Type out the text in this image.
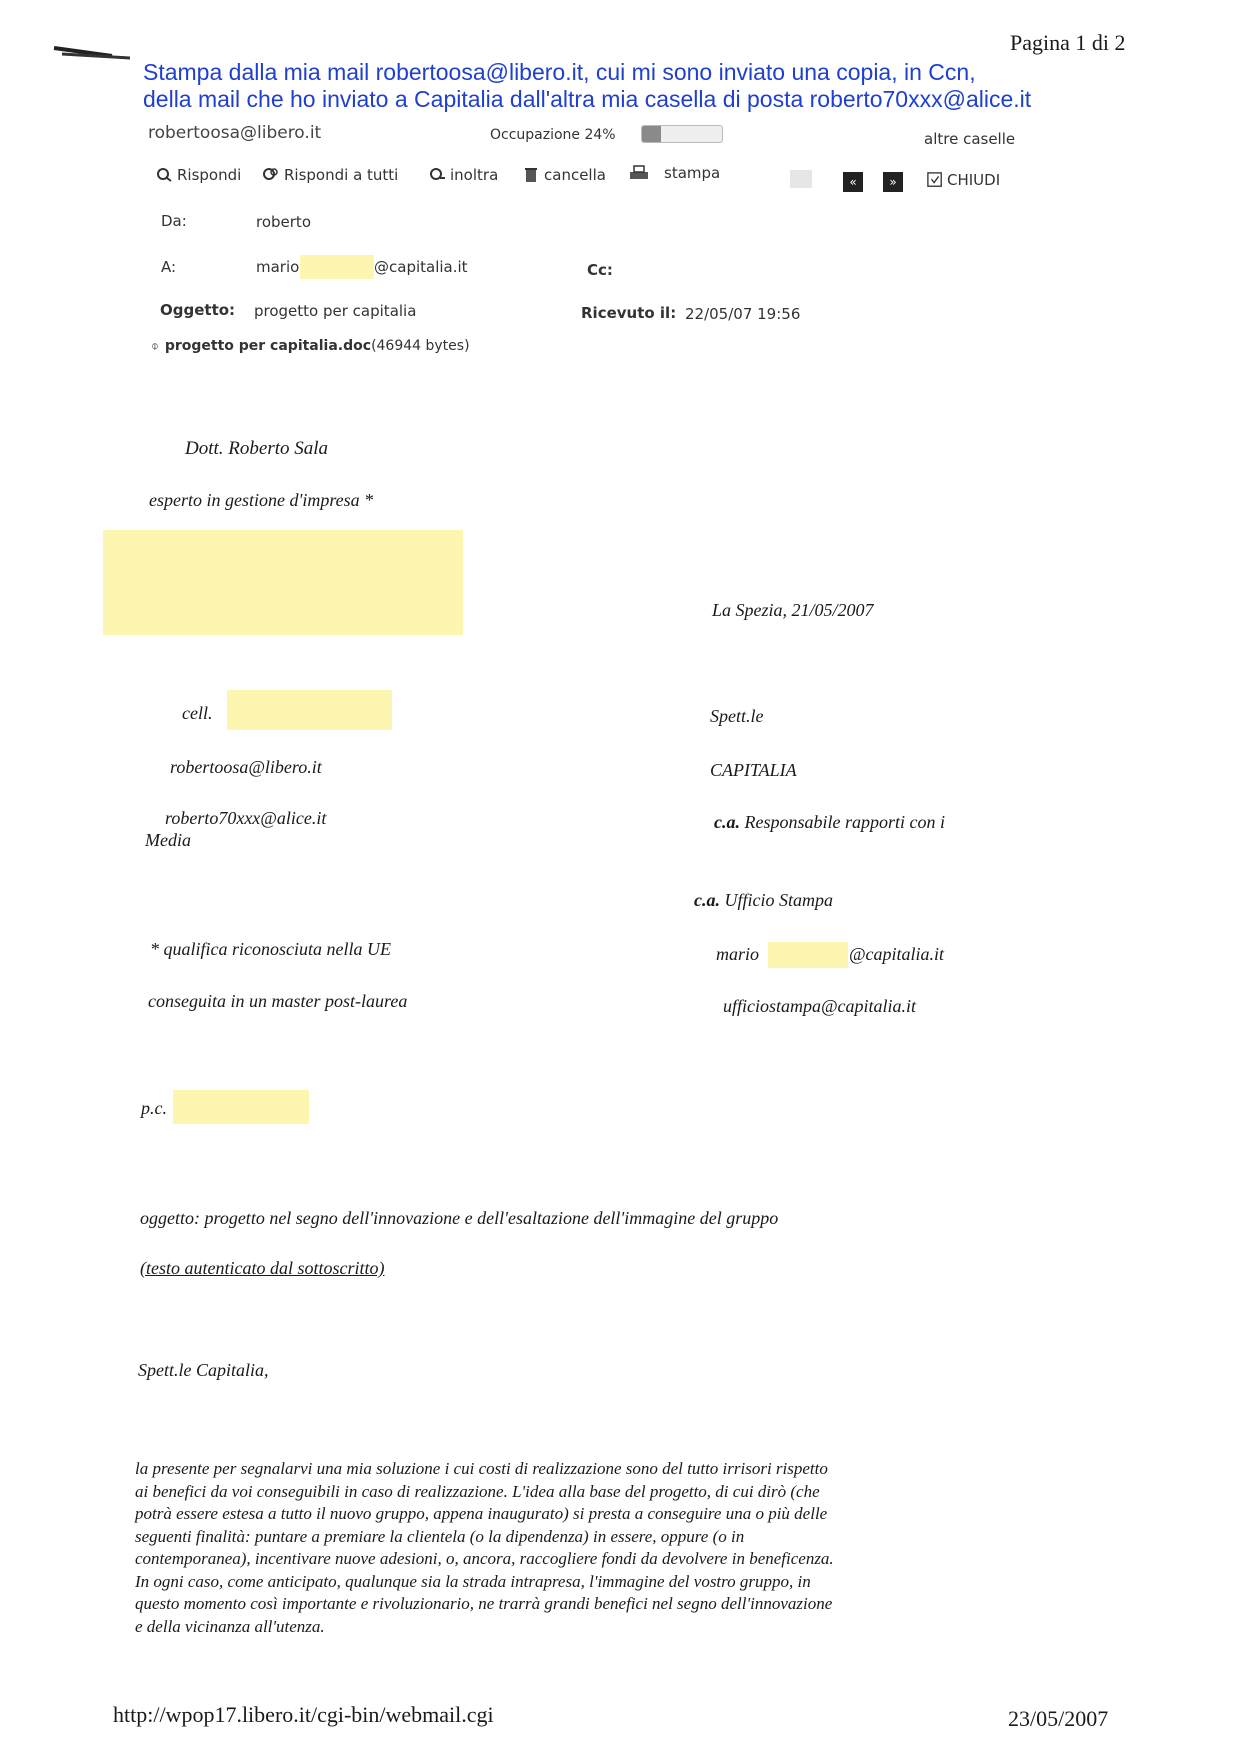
Pagina 1 di 2
Stampa dalla mia mail robertoosa@libero.it, cui mi sono inviato una copia, in Ccn,
della mail che ho inviato a Capitalia dall'altra mia casella di posta roberto70xxx@alice.it
robertoosa@libero.it	Occupazione 24%	altre caselle
Rispondi	Rispondi a tutti	inoltra	cancella	stampa	«	»	CHIUDI
Da:	roberto
A:	mario	@capitalia.it	Cc:
Oggetto: progetto per capitalia	Ricevuto il: 22/05/07 19:56
⌽ progetto per capitalia.doc (46944 bytes)
Dott. Roberto Sala
esperto in gestione d'impresa *
La Spezia, 21/05/2007
cell.	Spett.le
robertoosa@libero.it	CAPITALIA
roberto70xxx@alice.it
Media
c.a. Responsabile rapporti con i
c.a. Ufficio Stampa
* qualifica riconosciuta nella UE	mario	@capitalia.it
conseguita in un master post-laurea	ufficiostampa@capitalia.it
p.c.
oggetto: progetto nel segno dell'innovazione e dell'esaltazione dell'immagine del gruppo
(testo autenticato dal sottoscritto)
Spett.le Capitalia,
la presente per segnalarvi una mia soluzione i cui costi di realizzazione sono del tutto irrisori rispetto
ai benefici da voi conseguibili in caso di realizzazione. L'idea alla base del progetto, di cui dirò (che
potrà essere estesa a tutto il nuovo gruppo, appena inaugurato) si presta a conseguire una o più delle
seguenti finalità: puntare a premiare la clientela (o la dipendenza) in essere, oppure (o in
contemporanea), incentivare nuove adesioni, o, ancora, raccogliere fondi da devolvere in beneficenza.
In ogni caso, come anticipato, qualunque sia la strada intrapresa, l'immagine del vostro gruppo, in
questo momento così importante e rivoluzionario, ne trarrà grandi benefici nel segno dell'innovazione
e della vicinanza all'utenza.
http://wpop17.libero.it/cgi-bin/webmail.cgi	23/05/2007
